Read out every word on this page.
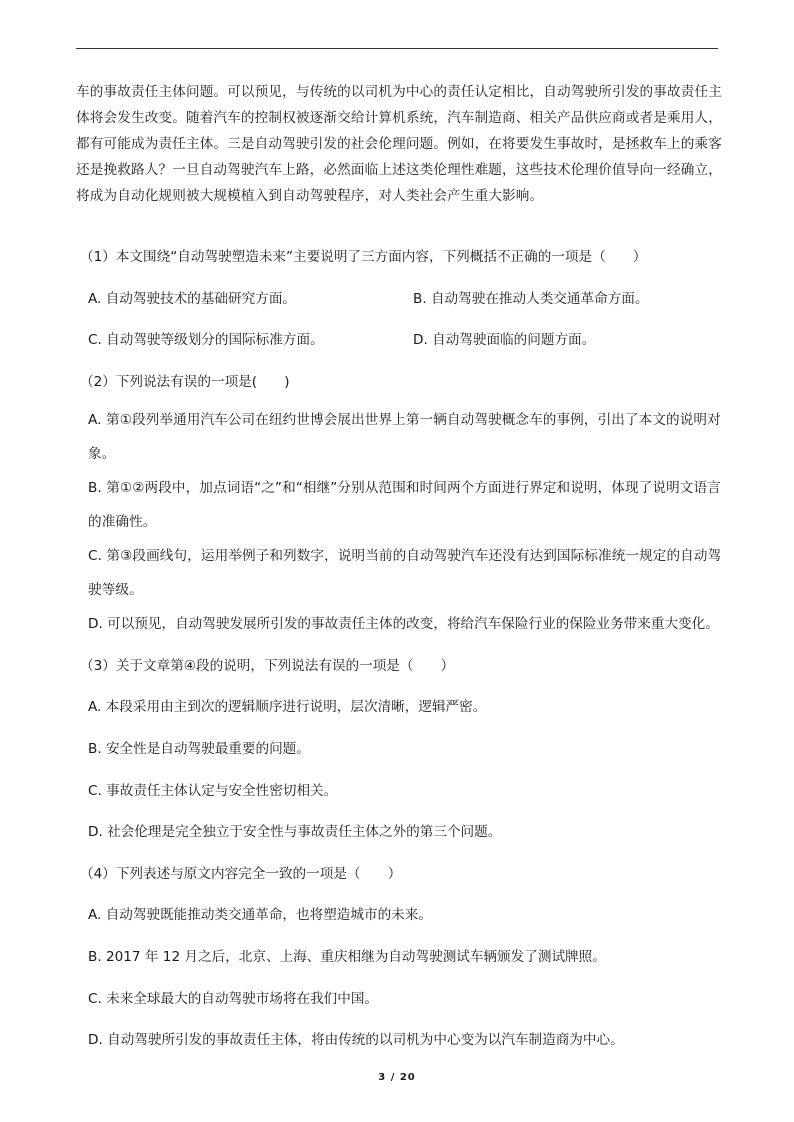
车的事故责任主体问题。可以预见，与传统的以司机为中心的责任认定相比，自动驾驶所引发的事故责任主体将会发生改变。随着汽车的控制权被逐渐交给计算机系统，汽车制造商、相关产品供应商或者是乘用人，都有可能成为责任主体。三是自动驾驶引发的社会伦理问题。例如，在将要发生事故时，是拯救车上的乘客还是挽救路人？一旦自动驾驶汽车上路，必然面临上述这类伦理性难题，这些技术伦理价值导向一经确立，将成为自动化规则被大规模植入到自动驾驶程序，对人类社会产生重大影响。
（1）本文围绕“自动驾驶塑造未来”主要说明了三方面内容，下列概括不正确的一项是（　　）
A. 自动驾驶技术的基础研究方面。	B. 自动驾驶在推动人类交通革命方面。
C. 自动驾驶等级划分的国际标准方面。	D. 自动驾驶面临的问题方面。
（2）下列说法有误的一项是(　　)
A. 第①段列举通用汽车公司在纽约世博会展出世界上第一辆自动驾驶概念车的事例，引出了本文的说明对象。
B. 第①②两段中，加点词语“之”和“相继”分别从范围和时间两个方面进行界定和说明，体现了说明文语言的准确性。
C. 第③段画线句，运用举例子和列数字，说明当前的自动驾驶汽车还没有达到国际标准统一规定的自动驾驶等级。
D. 可以预见，自动驾驶发展所引发的事故责任主体的改变，将给汽车保险行业的保险业务带来重大变化。
（3）关于文章第④段的说明，下列说法有误的一项是（　　）
A. 本段采用由主到次的逻辑顺序进行说明，层次清晰，逻辑严密。
B. 安全性是自动驾驶最重要的问题。
C. 事故责任主体认定与安全性密切相关。
D. 社会伦理是完全独立于安全性与事故责任主体之外的第三个问题。
（4）下列表述与原文内容完全一致的一项是（　　）
A. 自动驾驶既能推动类交通革命，也将塑造城市的未来。
B. 2017 年 12 月之后，北京、上海、重庆相继为自动驾驶测试车辆颁发了测试牌照。
C. 未来全球最大的自动驾驶市场将在我们中国。
D. 自动驾驶所引发的事故责任主体，将由传统的以司机为中心变为以汽车制造商为中心。
3 / 20
